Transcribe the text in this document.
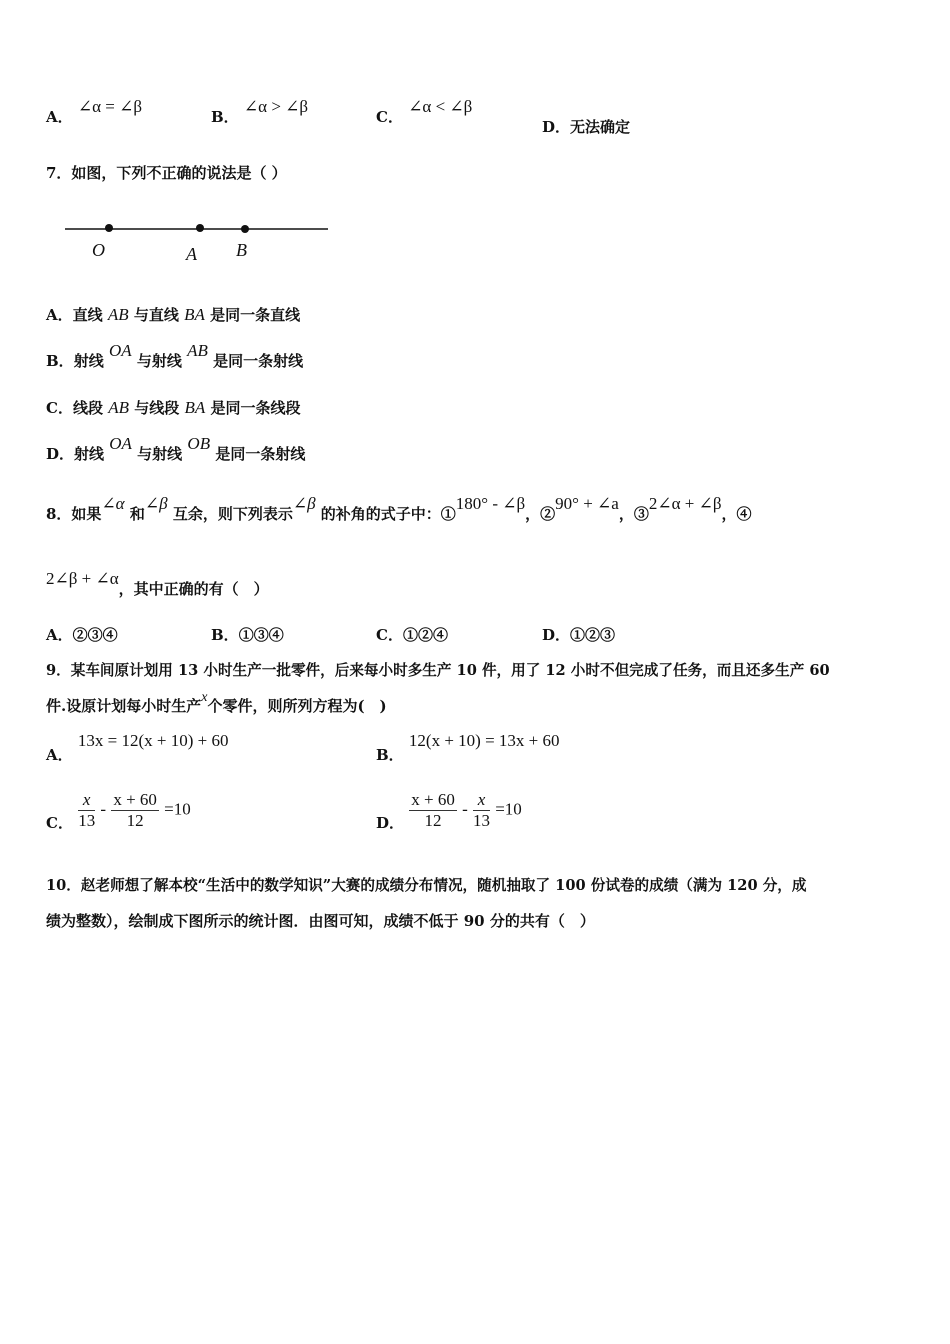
A． ∠α = ∠β
B． ∠α > ∠β
C． ∠α < ∠β
D．无法确定
7．如图，下列不正确的说法是（ ）
O	A B
A．直线 AB 与直线 BA 是同一条直线
B．射线 OA 与射线 AB 是同一条射线
C．线段 AB 与线段 BA 是同一条线段
D．射线 OA 与射线 OB 是同一条射线
8．如果∠α 和∠β 互余，则下列表示∠β 的补角的式子中：①180° - ∠β，②90° + ∠a，③2∠α + ∠β，④
2∠β + ∠α，其中正确的有（　）
A．②③④	B．①③④	C．①②④	D．①②③
9．某车间原计划用 13 小时生产一批零件，后来每小时多生产 10 件，用了 12 小时不但完成了任务，而且还多生产 60
件.设原计划每小时生产x个零件，则所列方程为(　)
A． 13x = 12(x + 10) + 60
B． 12(x + 10) = 13x + 60
C． $\frac{x}{13} - \frac{x + 60}{12} =10$
D． $\frac{x + 60}{12} - \frac{x}{13} =10$
10．赵老师想了解本校“生活中的数学知识”大赛的成绩分布情况，随机抽取了 100 份试卷的成绩（满为 120 分，成
绩为整数），绘制成下图所示的统计图．由图可知，成绩不低于 90 分的共有（　）
